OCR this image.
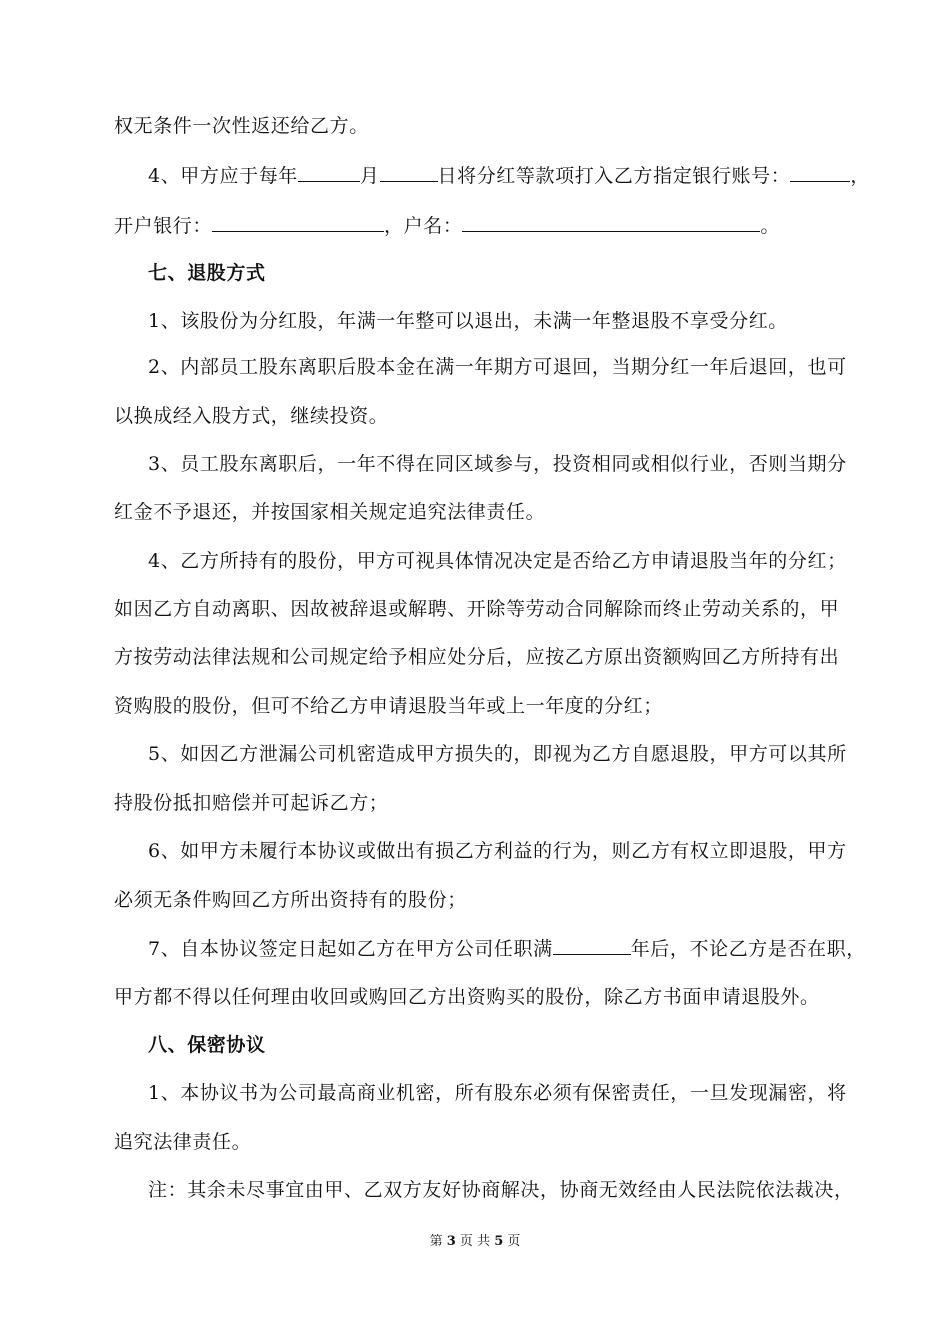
权无条件一次性返还给乙方。
4、甲方应于每年	月	日将分红等款项打入乙方指定银行账号：	，
开户银行：	，户名：	。
七、退股方式
1、该股份为分红股，年满一年整可以退出，未满一年整退股不享受分红。
2、内部员工股东离职后股本金在满一年期方可退回，当期分红一年后退回，也可
以换成经入股方式，继续投资。
3、员工股东离职后，一年不得在同区域参与，投资相同或相似行业，否则当期分
红金不予退还，并按国家相关规定追究法律责任。
4、乙方所持有的股份，甲方可视具体情况决定是否给乙方申请退股当年的分红；
如因乙方自动离职、因故被辞退或解聘、开除等劳动合同解除而终止劳动关系的，甲
方按劳动法律法规和公司规定给予相应处分后，应按乙方原出资额购回乙方所持有出
资购股的股份，但可不给乙方申请退股当年或上一年度的分红；
5、如因乙方泄漏公司机密造成甲方损失的，即视为乙方自愿退股，甲方可以其所
持股份抵扣赔偿并可起诉乙方；
6、如甲方未履行本协议或做出有损乙方利益的行为，则乙方有权立即退股，甲方
必须无条件购回乙方所出资持有的股份；
7、自本协议签定日起如乙方在甲方公司任职满	年后，不论乙方是否在职，
甲方都不得以任何理由收回或购回乙方出资购买的股份，除乙方书面申请退股外。
八、保密协议
1、本协议书为公司最高商业机密，所有股东必须有保密责任，一旦发现漏密，将
追究法律责任。
注：其余未尽事宜由甲、乙双方友好协商解决，协商无效经由人民法院依法裁决，
第 3 页 共 5 页
